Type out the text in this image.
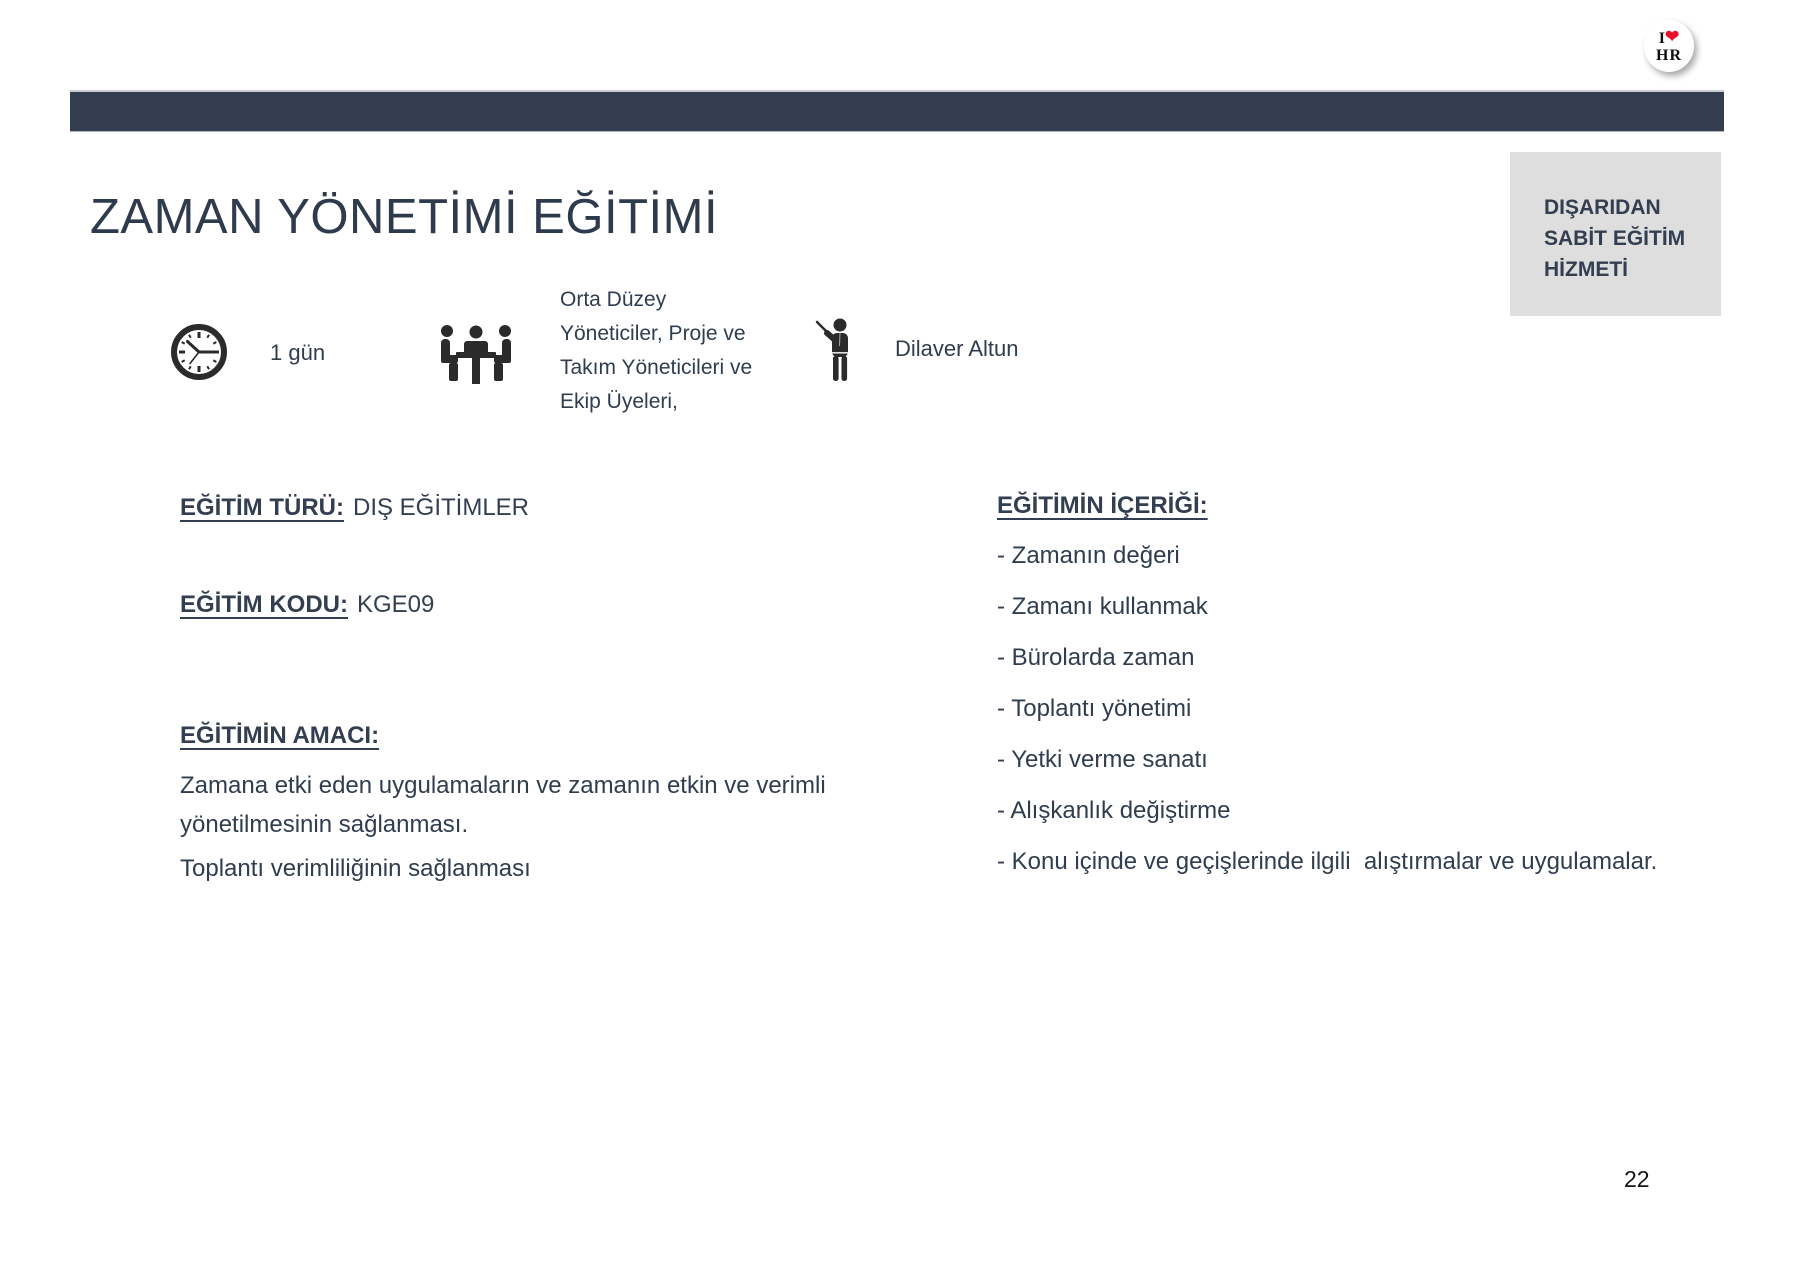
I❤
HR
ZAMAN YÖNETİMİ EĞİTİMİ	DIŞARIDAN
SABİT EĞİTİM
HİZMETİ
1 gün
Orta Düzey
Yöneticiler, Proje ve
Takım Yöneticileri ve
Ekip Üyeleri,
Dilaver Altun
EĞİTİM TÜRÜ: DIŞ EĞİTİMLER
EĞİTİM KODU: KGE09
EĞİTİMİN AMACI:

Zamana etki eden uygulamaların ve zamanın etkin ve verimli yönetilmesinin sağlanması.

Toplantı verimliliğinin sağlanması

EĞİTİMİN İÇERİĞİ:
- Zamanın değeri
- Zamanı kullanmak
- Bürolarda zaman
- Toplantı yönetimi
- Yetki verme sanatı
- Alışkanlık değiştirme
- Konu içinde ve geçişlerinde ilgili  alıştırmalar ve uygulamalar.
22
